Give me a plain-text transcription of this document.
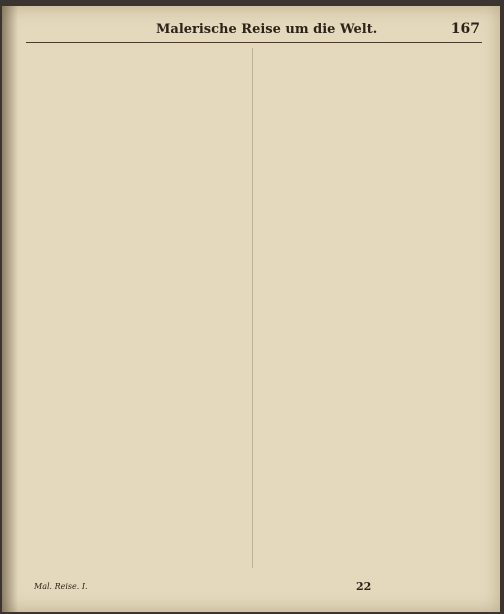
Malerische Reise um die Welt.	167

Mal. Reise. I.	22
